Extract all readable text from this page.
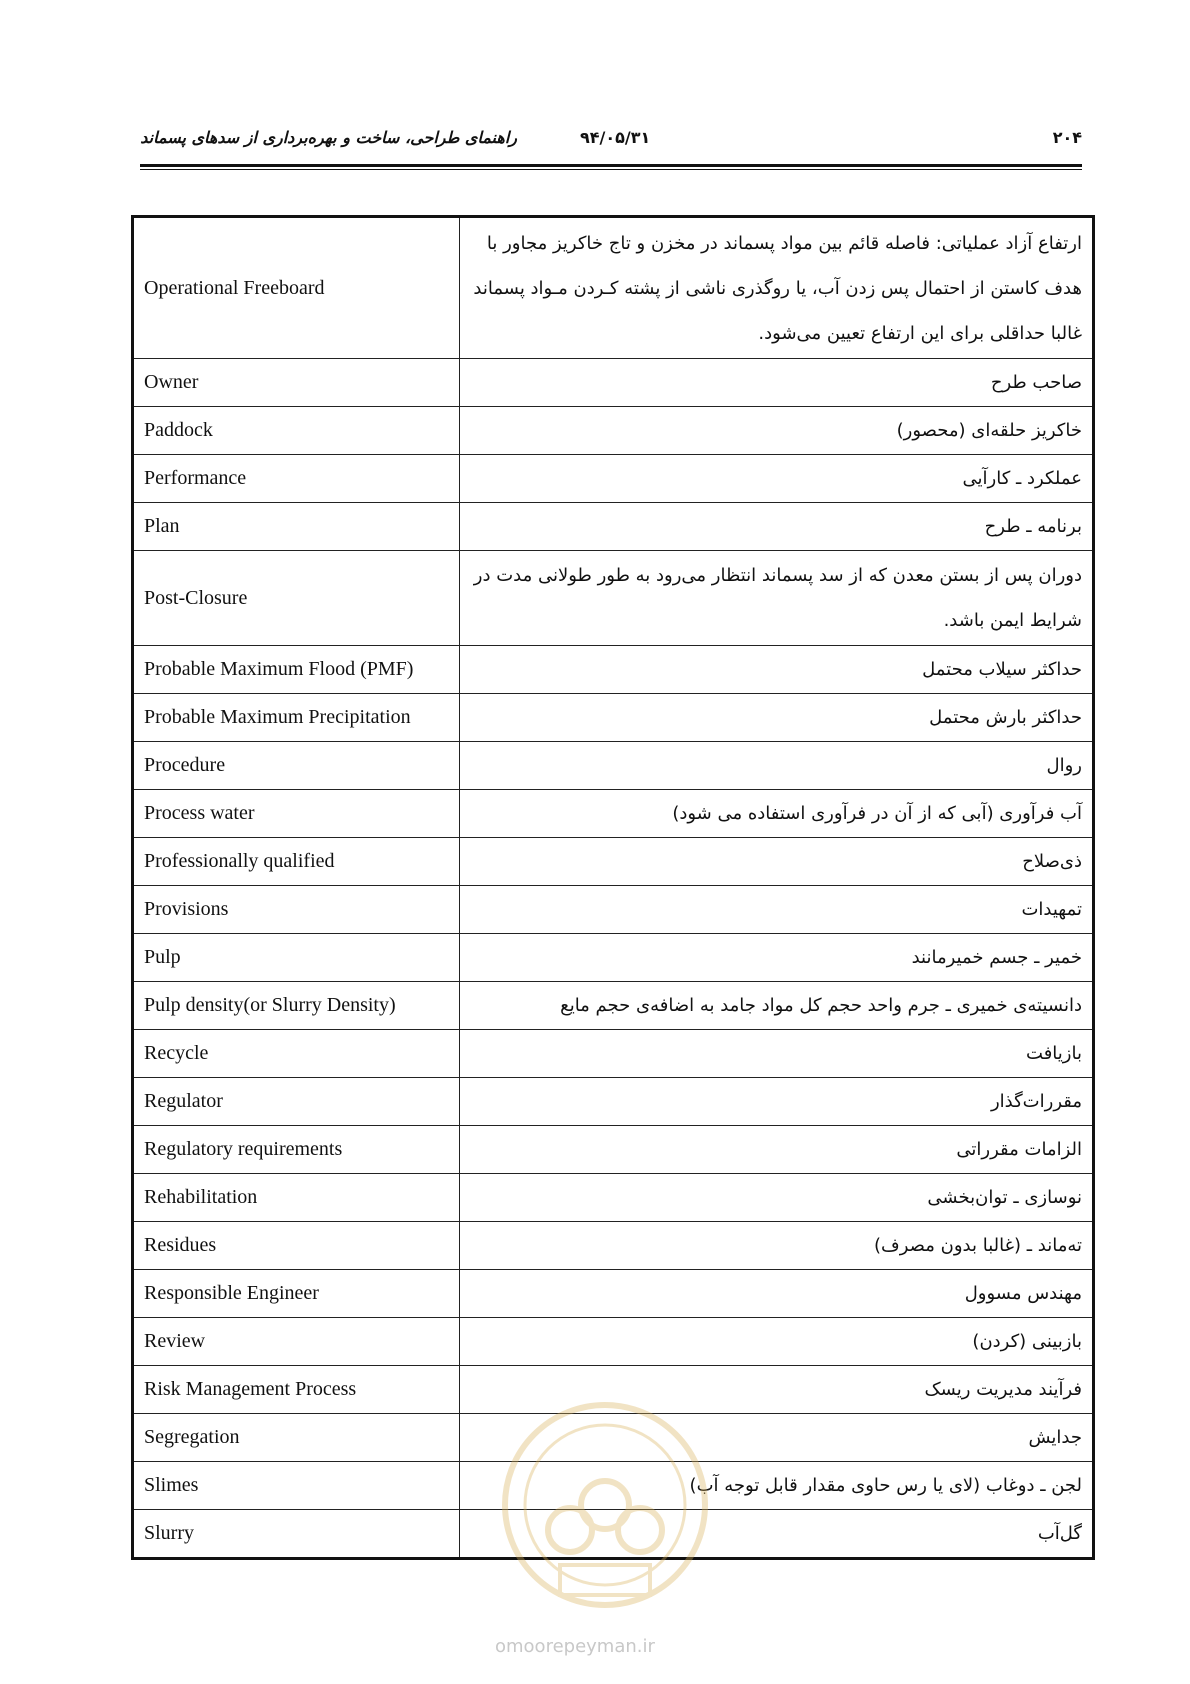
راهنمای طراحی، ساخت و بهره‌برداری از سدهای پسماند	۹۴/۰۵/۳۱	۲۰۴
Operational Freeboard	ارتفاع آزاد عملیاتی: فاصله قائم بین مواد پسماند در مخزن و تاج خاکریز مجاور با هدف کاستن از احتمال پس زدن آب، یا روگذری ناشی از پشته کـردن مـواد پسماند غالبا حداقلی برای این ارتفاع تعیین می‌شود.
Owner	صاحب طرح
Paddock	خاکریز حلقه‌ای (محصور)
Performance	عملکرد ـ کارآیی
Plan	برنامه ـ طرح
Post-Closure	دوران پس از بستن معدن که از سد پسماند انتظار می‌رود به طور طولانی مدت در شرایط ایمن باشد.
Probable Maximum Flood (PMF)	حداکثر سیلاب محتمل
Probable Maximum Precipitation	حداکثر بارش محتمل
Procedure	روال
Process water	آب فرآوری (آبی که از آن در فرآوری استفاده می شود)
Professionally qualified	ذی‌صلاح
Provisions	تمهیدات
Pulp	خمیر ـ جسم خمیرمانند
Pulp density(or Slurry Density)	دانسیته‌ی خمیری ـ جرم واحد حجم کل مواد جامد به اضافه‌ی حجم مایع
Recycle	بازیافت
Regulator	مقررات‌گذار
Regulatory requirements	الزامات مقرراتی
Rehabilitation	نوسازی ـ توان‌بخشی
Residues	ته‌ماند ـ (غالبا بدون مصرف)
Responsible Engineer	مهندس مسوول
Review	بازبینی (کردن)
Risk Management Process	فرآیند مدیریت ریسک
Segregation	جدایش
Slimes	لجن ـ دوغاب (لای یا رس حاوی مقدار قابل توجه آب)
Slurry	گل‌آب
omoorepeyman.ir
